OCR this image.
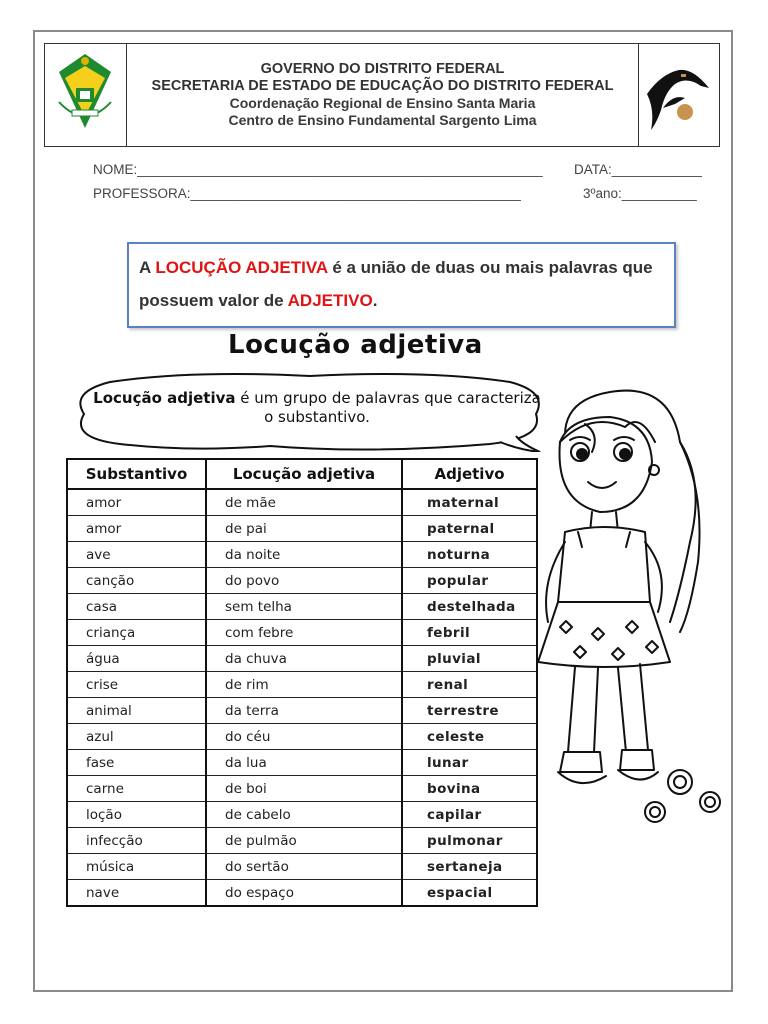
GOVERNO DO DISTRITO FEDERAL
SECRETARIA DE ESTADO DE EDUCAÇÃO DO DISTRITO FEDERAL
Coordenação Regional de Ensino Santa Maria
Centro de Ensino Fundamental Sargento Lima
NOME:______________________________________________________ DATA:____________
PROFESSORA:____________________________________________	3ºano:__________
A LOCUÇÃO ADJETIVA é a união de duas ou mais palavras que possuem valor de ADJETIVO.
Locução adjetiva
Locução adjetiva é um grupo de palavras que caracteriza o substantivo.
Substantivo	Locução adjetiva	Adjetivo
amor	de mãe	maternal
amor	de pai	paternal
ave	da noite	noturna
canção	do povo	popular
casa	sem telha	destelhada
criança	com febre	febril
água	da chuva	pluvial
crise	de rim	renal
animal	da terra	terrestre
azul	do céu	celeste
fase	da lua	lunar
carne	de boi	bovina
loção	de cabelo	capilar
infecção	de pulmão	pulmonar
música	do sertão	sertaneja
nave	do espaço	espacial
